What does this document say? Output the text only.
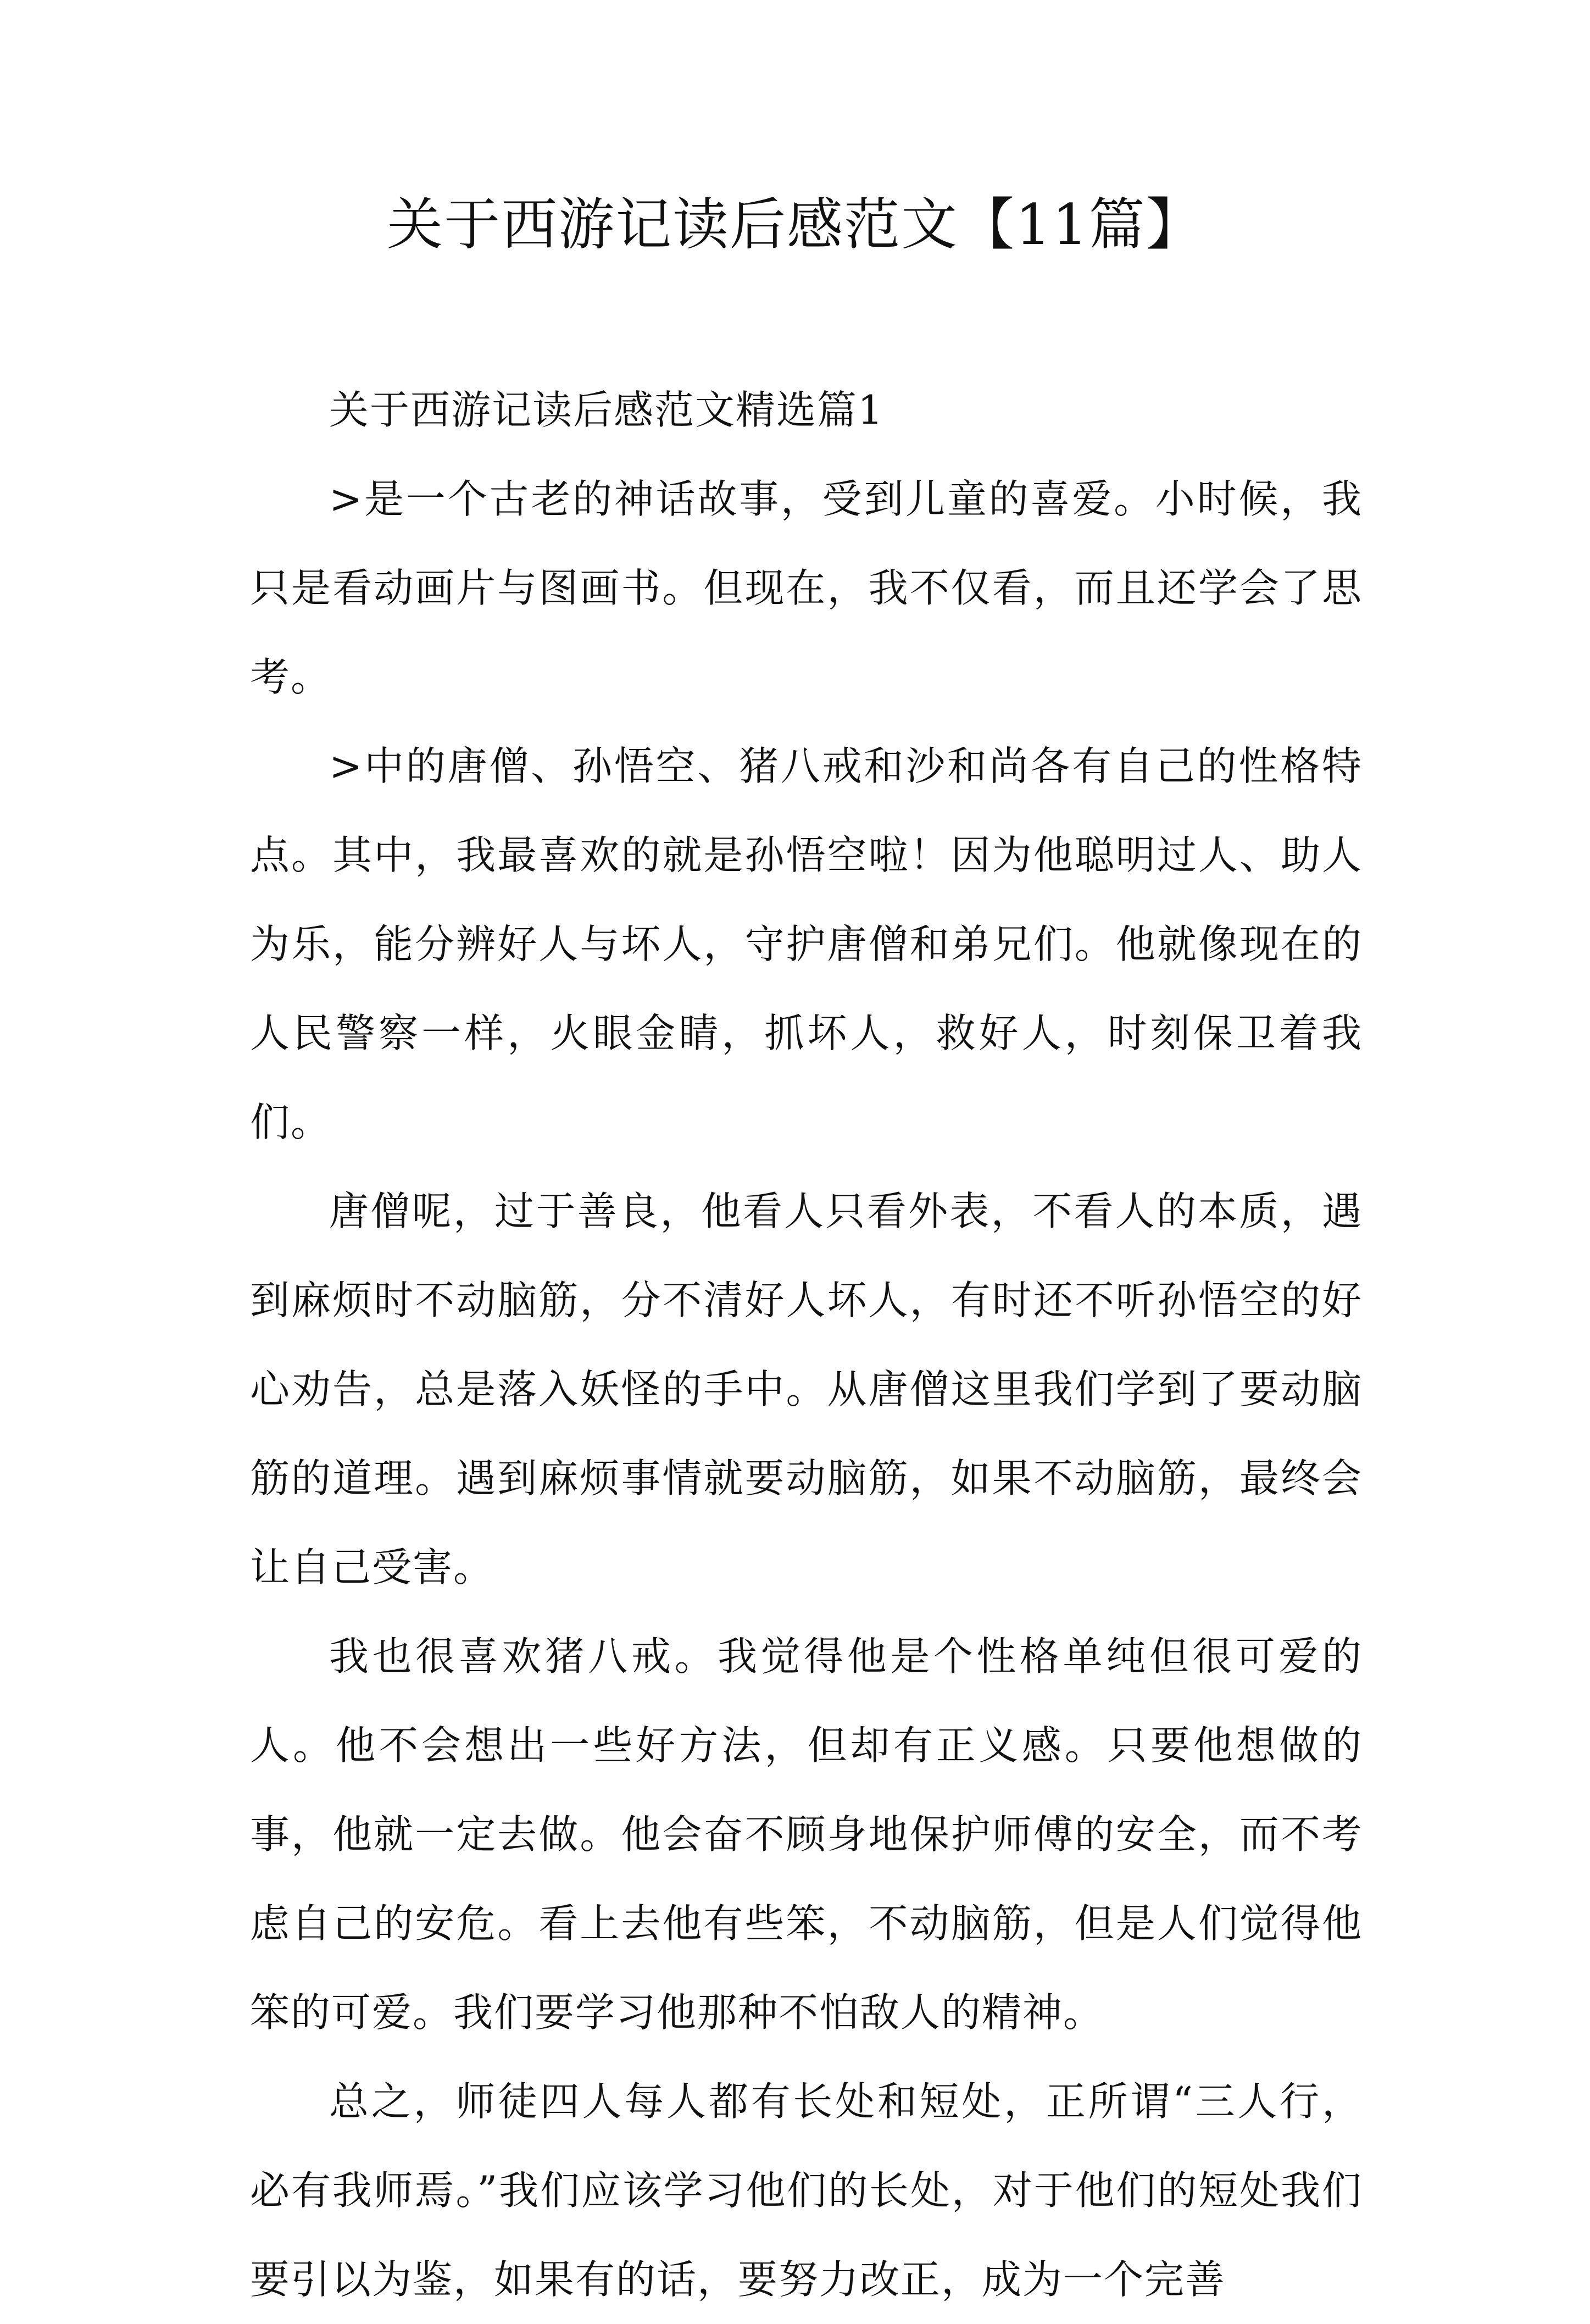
关于西游记读后感范文【11篇】

关于西游记读后感范文精选篇1

>是一个古老的神话故事，受到儿童的喜爱。小时候，我只是看动画片与图画书。但现在，我不仅看，而且还学会了思考。

>中的唐僧、孙悟空、猪八戒和沙和尚各有自己的性格特点。其中，我最喜欢的就是孙悟空啦！因为他聪明过人、助人为乐，能分辨好人与坏人，守护唐僧和弟兄们。他就像现在的人民警察一样，火眼金睛，抓坏人，救好人，时刻保卫着我们。

唐僧呢，过于善良，他看人只看外表，不看人的本质，遇到麻烦时不动脑筋，分不清好人坏人，有时还不听孙悟空的好心劝告，总是落入妖怪的手中。从唐僧这里我们学到了要动脑筋的道理。遇到麻烦事情就要动脑筋，如果不动脑筋，最终会让自己受害。

我也很喜欢猪八戒。我觉得他是个性格单纯但很可爱的人。他不会想出一些好方法，但却有正义感。只要他想做的事，他就一定去做。他会奋不顾身地保护师傅的安全，而不考虑自己的安危。看上去他有些笨，不动脑筋，但是人们觉得他笨的可爱。我们要学习他那种不怕敌人的精神。

总之，师徒四人每人都有长处和短处，正所谓“三人行，必有我师焉。”我们应该学习他们的长处，对于他们的短处我们要引以为鉴，如果有的话，要努力改正，成为一个完善
